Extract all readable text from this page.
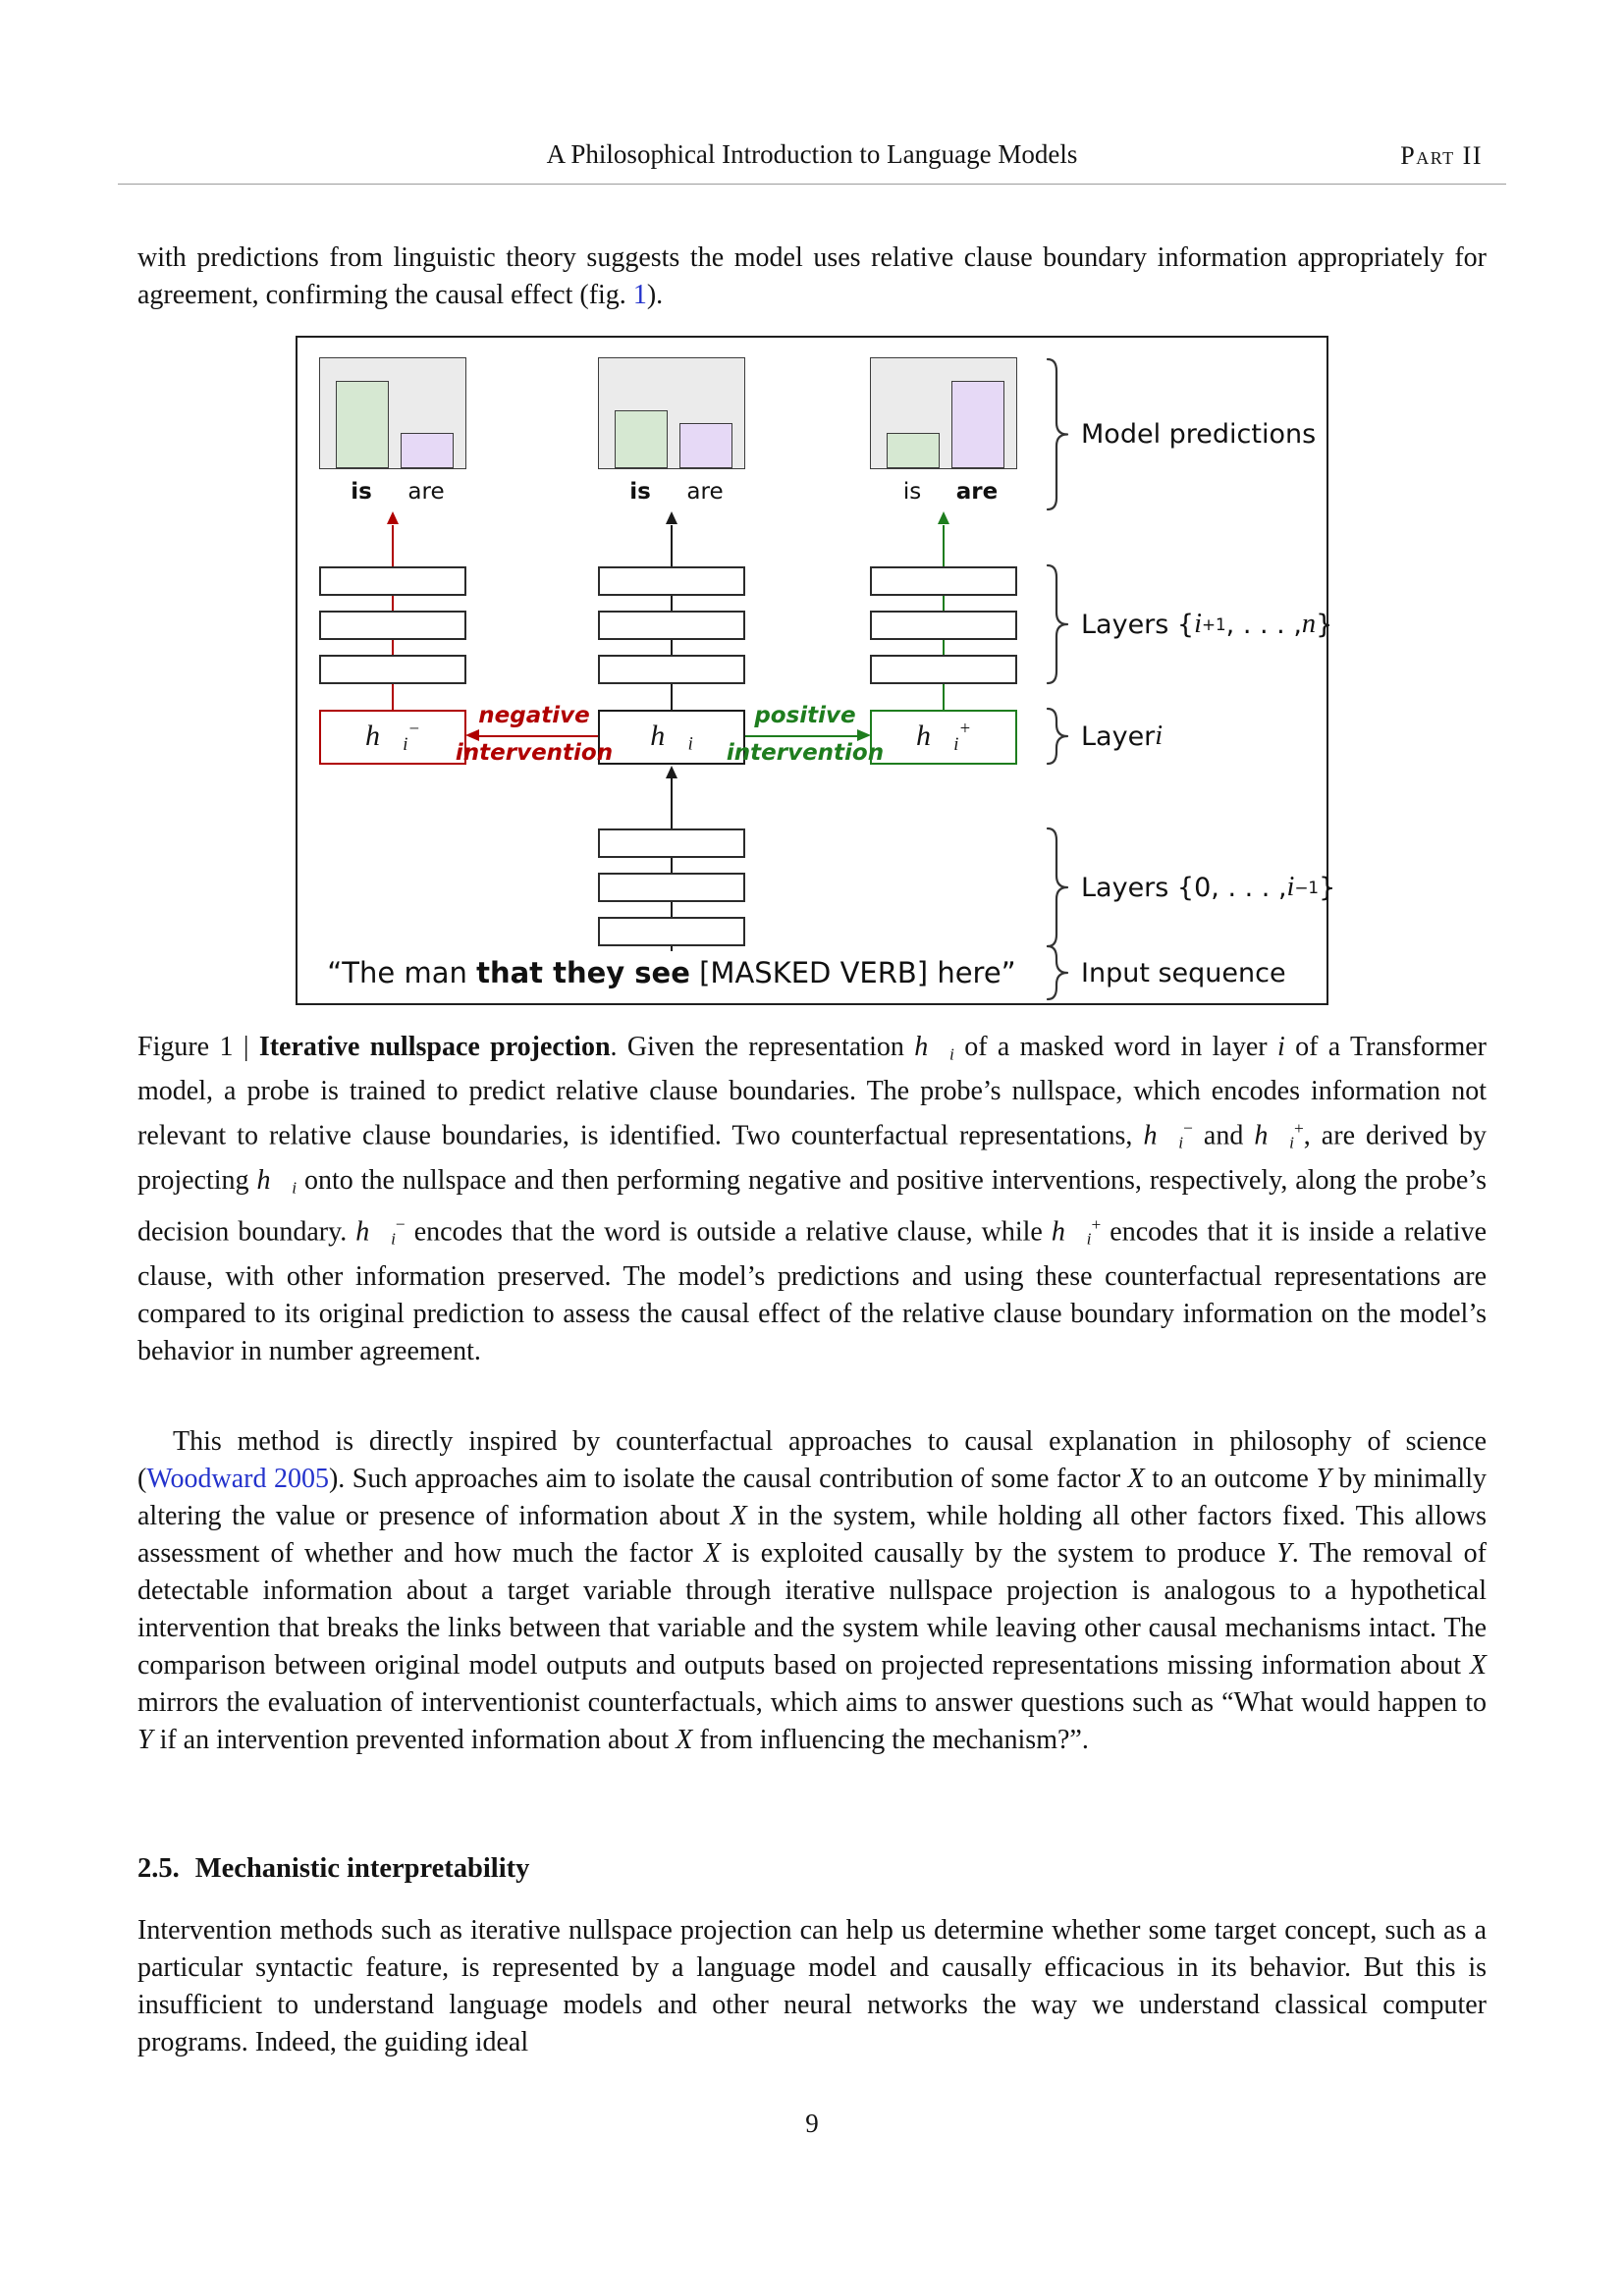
A Philosophical Introduction to Language Models	Part II

with predictions from linguistic theory suggests the model uses relative clause boundary information appropriately for agreement, confirming the causal effect (fig. 1).

is are	is are	is are
h⃗i−	h⃗i	h⃗i+
negative
intervention
positive
intervention
“The man that they see [MASKED VERB] here”
Model predictions
Layers { i +1 , . . . , n }
Layer i
Layers {0, . . . , i −1 }
Input sequence

Figure 1 | Iterative nullspace projection. Given the representation h⃗i of a masked word in layer i of a Transformer model, a probe is trained to predict relative clause boundaries. The probe’s nullspace, which encodes information not relevant to relative clause boundaries, is identified. Two counterfactual representations, h⃗i− and h⃗i+, are derived by projecting h⃗i onto the nullspace and then performing negative and positive interventions, respectively, along the probe’s decision boundary. h⃗i− encodes that the word is outside a relative clause, while h⃗i+ encodes that it is inside a relative clause, with other information preserved. The model’s predictions and using these counterfactual representations are compared to its original prediction to assess the causal effect of the relative clause boundary information on the model’s behavior in number agreement.

This method is directly inspired by counterfactual approaches to causal explanation in philosophy of science (Woodward 2005). Such approaches aim to isolate the causal contribution of some factor X to an outcome Y by minimally altering the value or presence of information about X in the system, while holding all other factors fixed. This allows assessment of whether and how much the factor X is exploited causally by the system to produce Y. The removal of detectable information about a target variable through iterative nullspace projection is analogous to a hypothetical intervention that breaks the links between that variable and the system while leaving other causal mechanisms intact. The comparison between original model outputs and outputs based on projected representations missing information about X mirrors the evaluation of interventionist counterfactuals, which aims to answer questions such as “What would happen to Y if an intervention prevented information about X from influencing the mechanism?”.

2.5. Mechanistic interpretability

Intervention methods such as iterative nullspace projection can help us determine whether some target concept, such as a particular syntactic feature, is represented by a language model and causally efficacious in its behavior. But this is insufficient to understand language models and other neural networks the way we understand classical computer programs. Indeed, the guiding ideal

9
